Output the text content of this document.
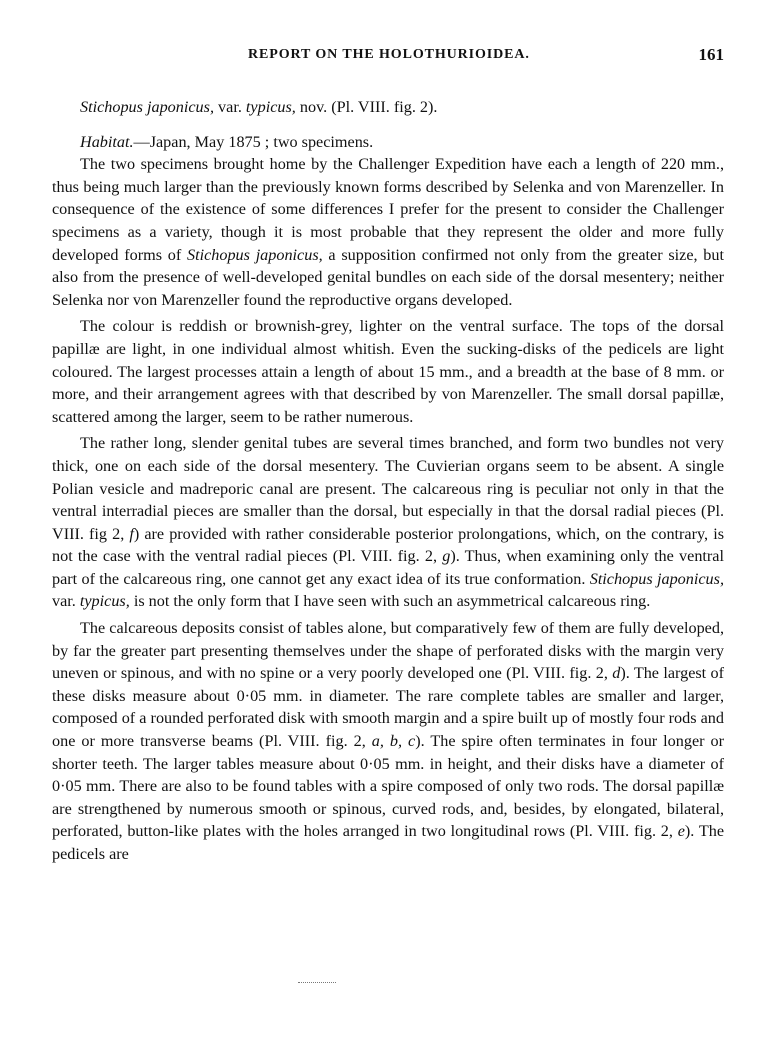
REPORT ON THE HOLOTHURIOIDEA.	161

Stichopus japonicus, var. typicus, nov. (Pl. VIII. fig. 2).

Habitat.—Japan, May 1875 ; two specimens.

The two specimens brought home by the Challenger Expedition have each a length of 220 mm., thus being much larger than the previously known forms described by Selenka and von Marenzeller. In consequence of the existence of some differences I prefer for the present to consider the Challenger specimens as a variety, though it is most probable that they represent the older and more fully developed forms of Stichopus japonicus, a supposition confirmed not only from the greater size, but also from the presence of well-developed genital bundles on each side of the dorsal mesentery; neither Selenka nor von Marenzeller found the reproductive organs developed.

The colour is reddish or brownish-grey, lighter on the ventral surface. The tops of the dorsal papillæ are light, in one individual almost whitish. Even the sucking-disks of the pedicels are light coloured. The largest processes attain a length of about 15 mm., and a breadth at the base of 8 mm. or more, and their arrangement agrees with that described by von Marenzeller. The small dorsal papillæ, scattered among the larger, seem to be rather numerous.

The rather long, slender genital tubes are several times branched, and form two bundles not very thick, one on each side of the dorsal mesentery. The Cuvierian organs seem to be absent. A single Polian vesicle and madreporic canal are present. The calcareous ring is peculiar not only in that the ventral interradial pieces are smaller than the dorsal, but especially in that the dorsal radial pieces (Pl. VIII. fig 2, f) are provided with rather considerable posterior prolongations, which, on the contrary, is not the case with the ventral radial pieces (Pl. VIII. fig. 2, g). Thus, when examining only the ventral part of the calcareous ring, one cannot get any exact idea of its true conformation. Stichopus japonicus, var. typicus, is not the only form that I have seen with such an asymmetrical calcareous ring.

The calcareous deposits consist of tables alone, but comparatively few of them are fully developed, by far the greater part presenting themselves under the shape of perforated disks with the margin very uneven or spinous, and with no spine or a very poorly developed one (Pl. VIII. fig. 2, d). The largest of these disks measure about 0·05 mm. in diameter. The rare complete tables are smaller and larger, composed of a rounded perforated disk with smooth margin and a spire built up of mostly four rods and one or more transverse beams (Pl. VIII. fig. 2, a, b, c). The spire often terminates in four longer or shorter teeth. The larger tables measure about 0·05 mm. in height, and their disks have a diameter of 0·05 mm. There are also to be found tables with a spire composed of only two rods. The dorsal papillæ are strengthened by numerous smooth or spinous, curved rods, and, besides, by elongated, bilateral, perforated, button-like plates with the holes arranged in two longitudinal rows (Pl. VIII. fig. 2, e). The pedicels are
